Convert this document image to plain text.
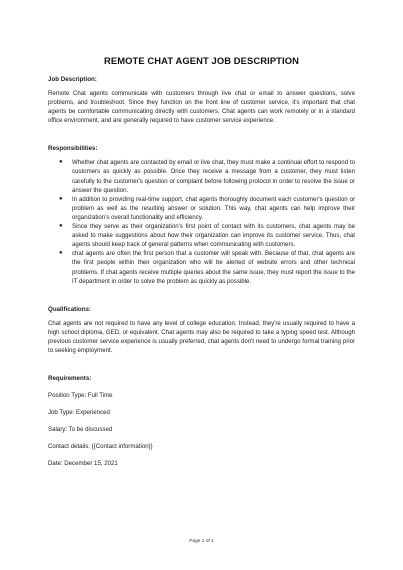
REMOTE CHAT AGENT JOB DESCRIPTION
Job Description:

Remote Chat agents communicate with customers through live chat or email to answer questions, solve problems, and troubleshoot. Since they function on the front line of customer service, it's important that chat agents be comfortable communicating directly with customers. Chat agents can work remotely or in a standard office environment, and are generally required to have customer service experience.

Responsibilities:
● Whether chat agents are contacted by email or live chat, they must make a continual effort to respond to customers as quickly as possible. Once they receive a message from a customer, they must listen carefully to the customer's question or complaint before following protocol in order to resolve the issue or answer the question.
● In addition to providing real-time support, chat agents thoroughly document each customer's question or problem as well as the resulting answer or solution. This way, chat agents can help improve their organization's overall functionality and efficiency.
● Since they serve as their organization's first point of contact with its customers, chat agents may be asked to make suggestions about how their organization can improve its customer service. Thus, chat agents should keep track of general patterns when communicating with customers.
● chat agents are often the first person that a customer will speak with. Because of that, chat agents are the first people within their organization who will be alerted of website errors and other technical problems. If chat agents receive multiple queries about the same issue, they must report the issue to the IT department in order to solve the problem as quickly as possible.
Qualifications:

Chat agents are not required to have any level of college education. Instead, they're usually required to have a high school diploma, GED, or equivalent. Chat agents may also be required to take a typing speed test. Although previous customer service experience is usually preferred, chat agents don't need to undergo formal training prior to seeking employment.

Requirements:
Position Type: Full Time
Job Type: Experienced
Salary: To be discussed
Contact details: {{Contact information}}
Date: December 15, 2021
Page 1 of 1
